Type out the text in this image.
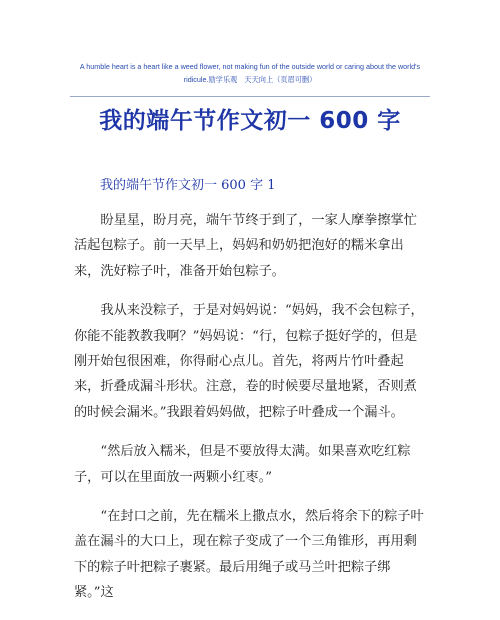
A humble heart is a heart like a weed flower, not making fun of the outside world or caring about the world's
ridicule.励学乐观　天天向上（页眉可删）
我的端午节作文初一 600 字
我的端午节作文初一 600 字 1

盼星星，盼月亮，端午节终于到了，一家人摩拳擦掌忙活起包粽子。前一天早上，妈妈和奶奶把泡好的糯米拿出来，洗好粽子叶，准备开始包粽子。

我从来没粽子，于是对妈妈说：“妈妈，我不会包粽子，你能不能教教我啊？”妈妈说：“行，包粽子挺好学的，但是刚开始包很困难，你得耐心点儿。首先，将两片竹叶叠起来，折叠成漏斗形状。注意，卷的时候要尽量地紧，否则煮的时候会漏米。”我跟着妈妈做，把粽子叶叠成一个漏斗。

“然后放入糯米，但是不要放得太满。如果喜欢吃红粽子，可以在里面放一两颗小红枣。”

“在封口之前，先在糯米上撒点水，然后将余下的粽子叶盖在漏斗的大口上，现在粽子变成了一个三角锥形，再用剩下的粽子叶把粽子裹紧。最后用绳子或马兰叶把粽子绑紧。”这
